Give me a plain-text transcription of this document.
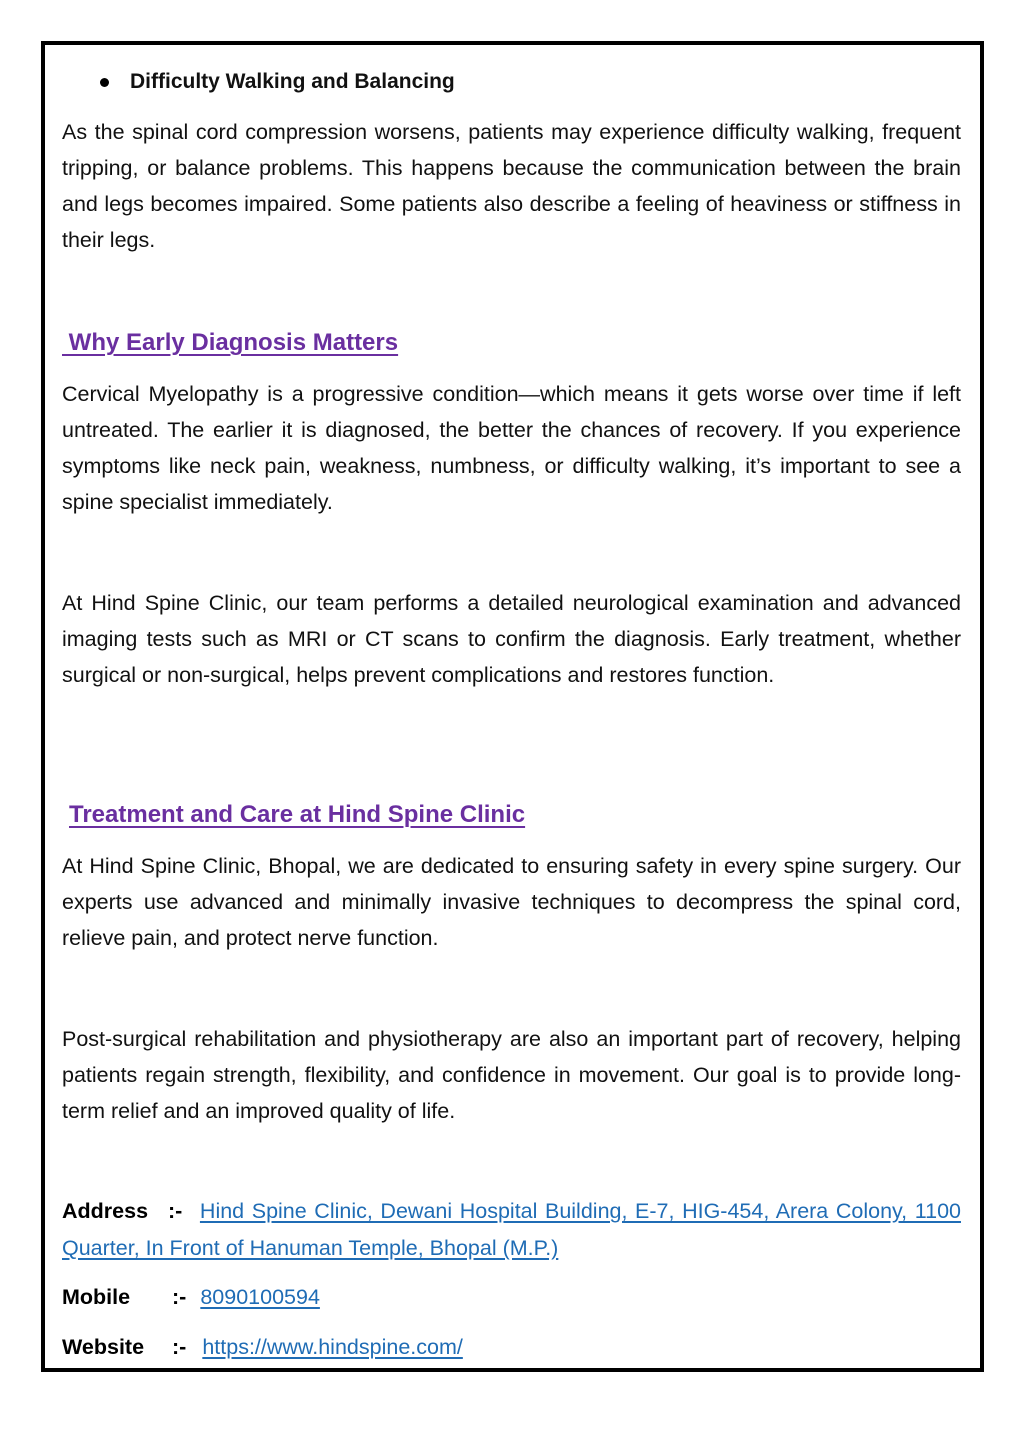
Difficulty Walking and Balancing

As the spinal cord compression worsens, patients may experience difficulty walking, frequent tripping, or balance problems. This happens because the communication between the brain and legs becomes impaired. Some patients also describe a feeling of heaviness or stiffness in their legs.

Why Early Diagnosis Matters

Cervical Myelopathy is a progressive condition—which means it gets worse over time if left untreated. The earlier it is diagnosed, the better the chances of recovery. If you experience symptoms like neck pain, weakness, numbness, or difficulty walking, it’s important to see a spine specialist immediately.

At Hind Spine Clinic, our team performs a detailed neurological examination and advanced imaging tests such as MRI or CT scans to confirm the diagnosis. Early treatment, whether surgical or non-surgical, helps prevent complications and restores function.

Treatment and Care at Hind Spine Clinic

At Hind Spine Clinic, Bhopal, we are dedicated to ensuring safety in every spine surgery. Our experts use advanced and minimally invasive techniques to decompress the spinal cord, relieve pain, and protect nerve function.

Post-surgical rehabilitation and physiotherapy are also an important part of recovery, helping patients regain strength, flexibility, and confidence in movement. Our goal is to provide long-term relief and an improved quality of life.

Address :- Hind Spine Clinic, Dewani Hospital Building, E-7, HIG-454, Arera Colony, 1100 Quarter, In Front of Hanuman Temple, Bhopal (M.P.)
Mobile :- 8090100594
Website :- https://www.hindspine.com/
